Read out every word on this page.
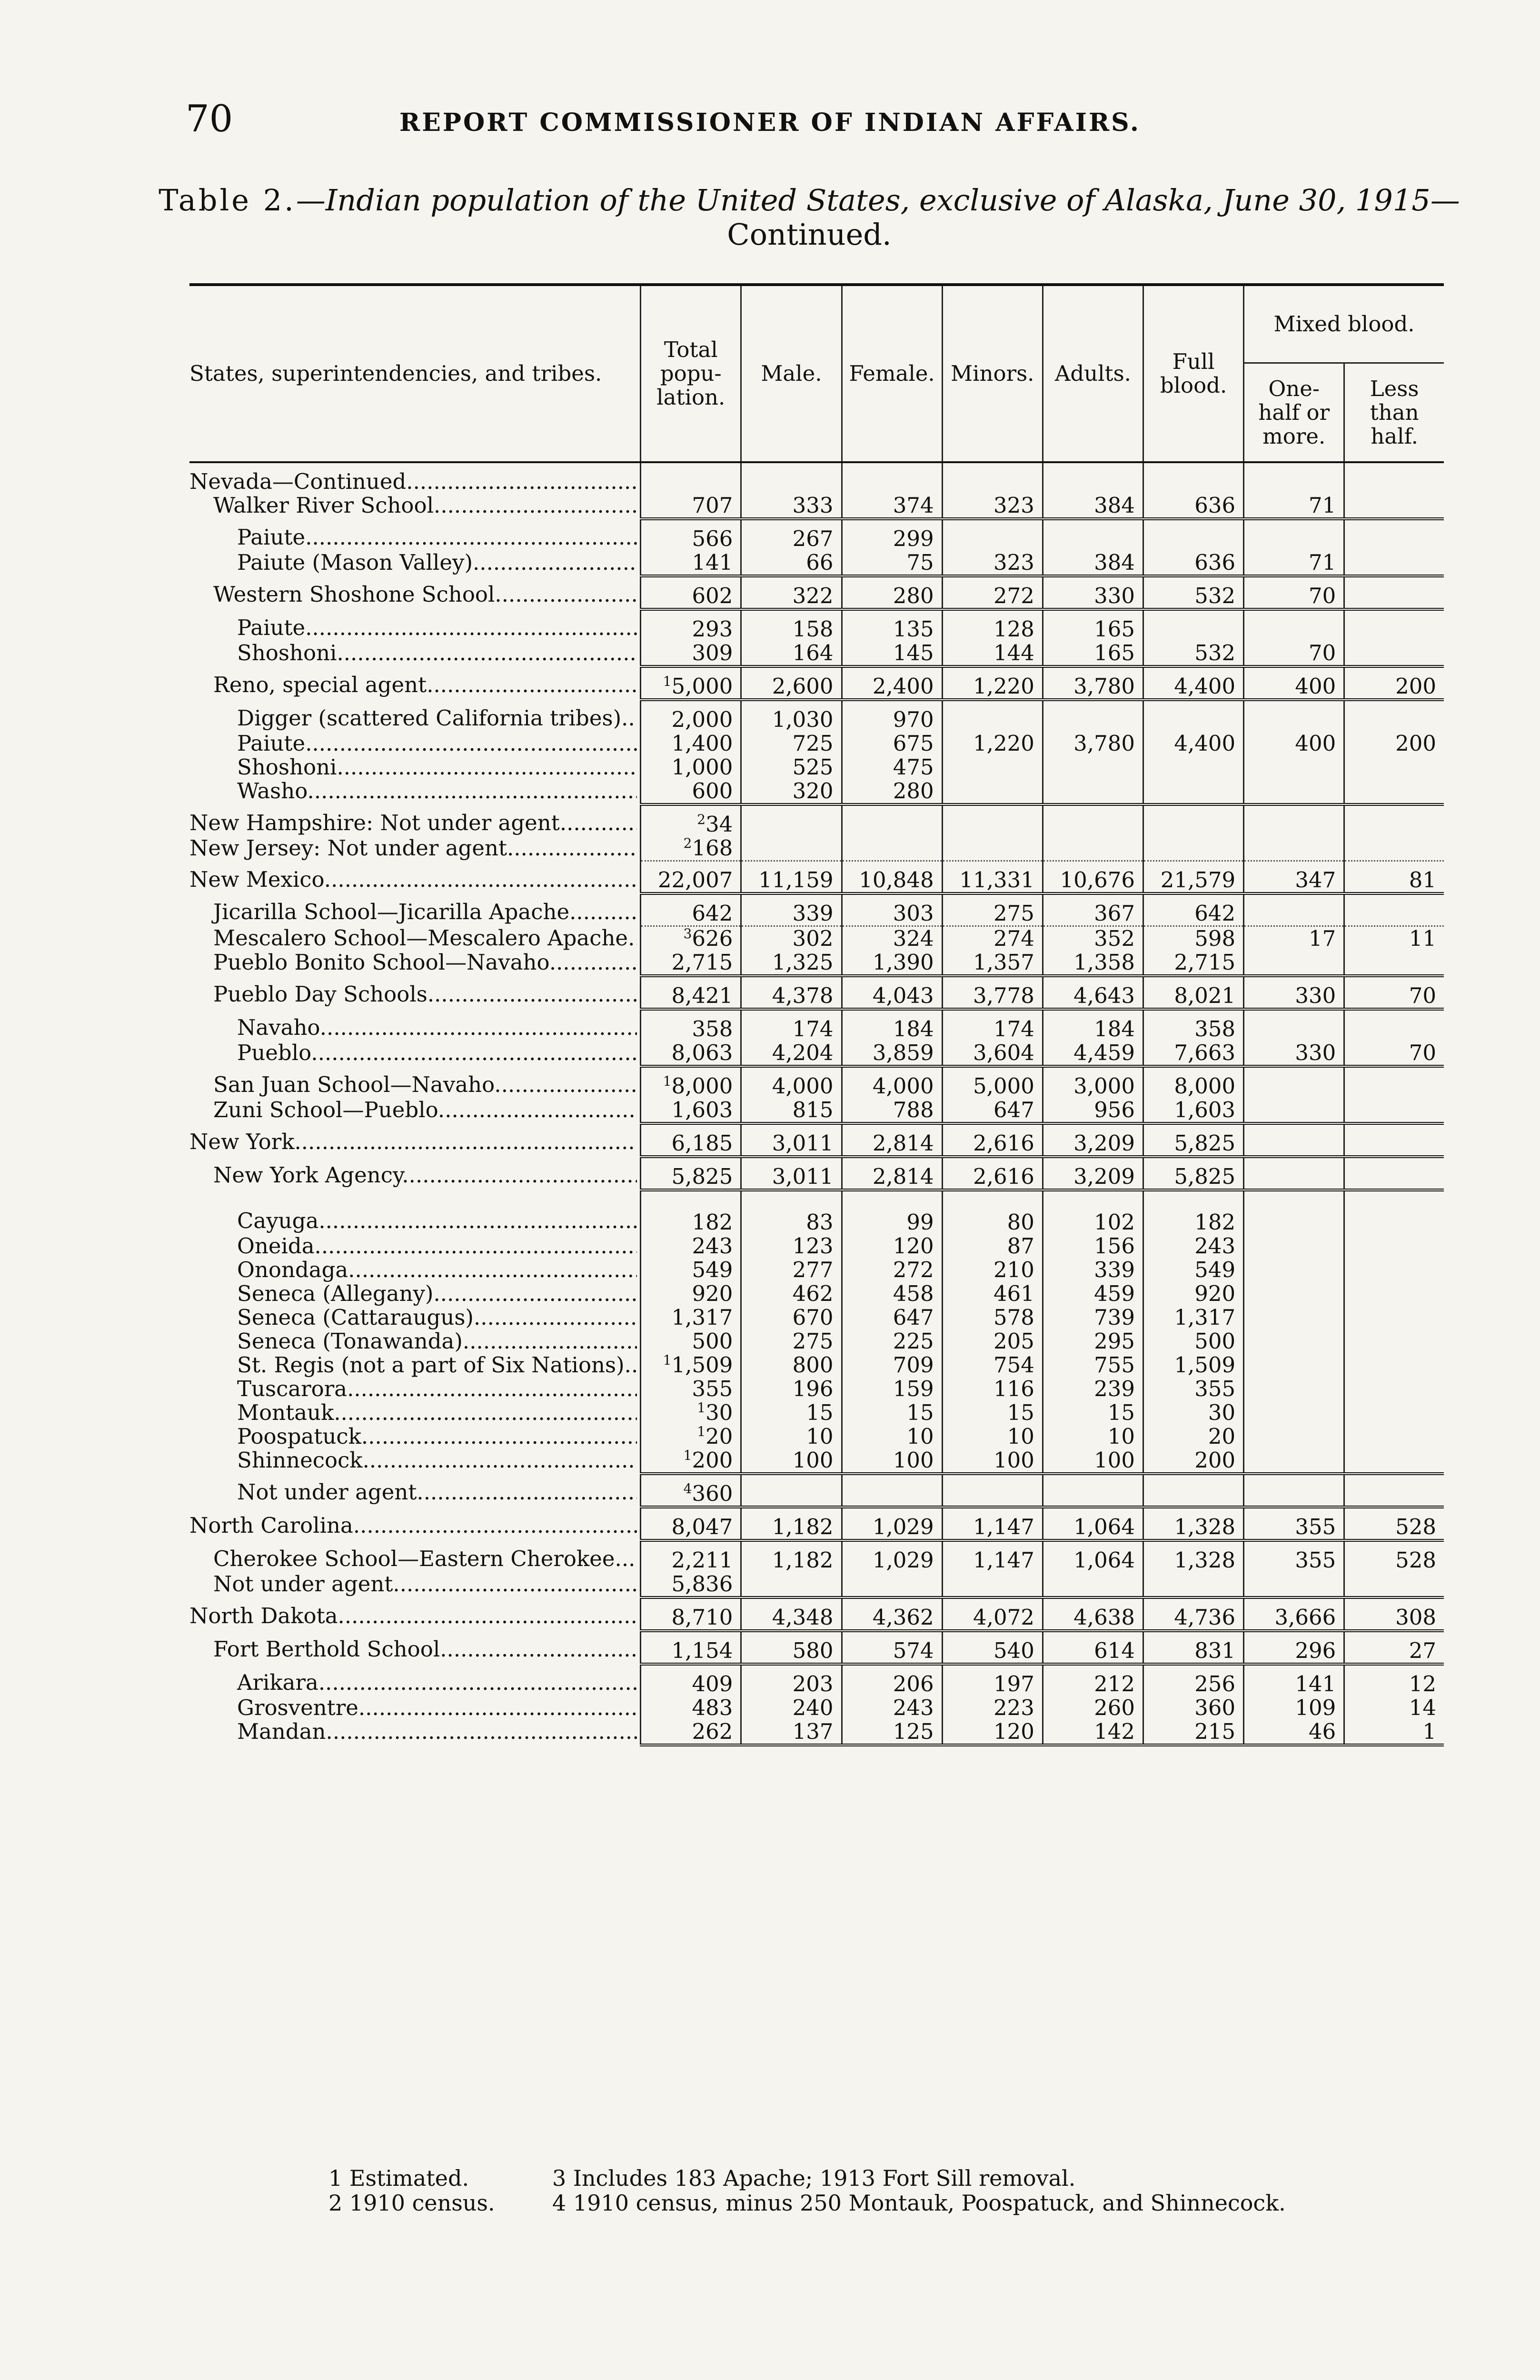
70	REPORT COMMISSIONER OF INDIAN AFFAIRS.
Table 2.—Indian population of the United States, exclusive of Alaska, June 30, 1915—
Continued.
States, superintendencies, and tribes.	Total popu- lation.	Male.	Female.	Minors.	Adults.	Full blood.	Mixed blood.	
							One- half or more.	Less than half.

Nevada—Continued. .....

Walker River School .....	707	333	374	323	384	636	71	

Paiute .....	566	267	299					

Paiute (Mason Valley) .....	141	66	75	323	384	636	71	

Western Shoshone School .....	602	322	280	272	330	532	70	

Paiute .....	293	158	135	128	165			

Shoshoni .....	309	164	145	144	165	532	70	

Reno, special agent .....	$^1$5,000	2,600	2,400	1,220	3,780	4,400	400	200

Digger (scattered California tribes) .....	2,000	1,030	970					

Paiute .....	1,400	725	675	1,220	3,780	4,400	400	200

Shoshoni .....	1,000	525	475					

Washo .....	600	320	280					

New Hampshire: Not under agent .....	$^2$34							

New Jersey: Not under agent .....	$^2$168							

New Mexico .....	22,007	11,159	10,848	11,331	10,676	21,579	347	81

Jicarilla School—Jicarilla Apache .....	642	339	303	275	367	642		

Mescalero School—Mescalero Apache .....	$^3$626	302	324	274	352	598	17	11

Pueblo Bonito School—Navaho .....	2,715	1,325	1,390	1,357	1,358	2,715		

Pueblo Day Schools .....	8,421	4,378	4,043	3,778	4,643	8,021	330	70

Navaho .....	358	174	184	174	184	358		

Pueblo .....	8,063	4,204	3,859	3,604	4,459	7,663	330	70

San Juan School—Navaho .....	$^1$8,000	4,000	4,000	5,000	3,000	8,000		

Zuni School—Pueblo .....	1,603	815	788	647	956	1,603		

New York .....	6,185	3,011	2,814	2,616	3,209	5,825		

New York Agency .....	5,825	3,011	2,814	2,616	3,209	5,825		

Cayuga .....	182	83	99	80	102	182		

Oneida .....	243	123	120	87	156	243		

Onondaga .....	549	277	272	210	339	549		

Seneca (Allegany) .....	920	462	458	461	459	920		

Seneca (Cattaraugus) .....	1,317	670	647	578	739	1,317		

Seneca (Tonawanda) .....	500	275	225	205	295	500		

St. Regis (not a part of Six Nations) .....	$^1$1,509	800	709	754	755	1,509		

Tuscarora .....	355	196	159	116	239	355		

Montauk .....	$^1$30	15	15	15	15	30		

Poospatuck .....	$^1$20	10	10	10	10	20		

Shinnecock .....	$^1$200	100	100	100	100	200		

Not under agent .....	$^4$360							

North Carolina .....	8,047	1,182	1,029	1,147	1,064	1,328	355	528

Cherokee School—Eastern Cherokee .....	2,211	1,182	1,029	1,147	1,064	1,328	355	528

Not under agent .....	5,836							

North Dakota .....	8,710	4,348	4,362	4,072	4,638	4,736	3,666	308

Fort Berthold School .....	1,154	580	574	540	614	831	296	27

Arikara .....	409	203	206	197	212	256	141	12

Grosventre .....	483	240	243	223	260	360	109	14

Mandan .....	262	137	125	120	142	215	46	1
1 Estimated.
2 1910 census.
3 Includes 183 Apache; 1913 Fort Sill removal.
4 1910 census, minus 250 Montauk, Poospatuck, and Shinnecock.
